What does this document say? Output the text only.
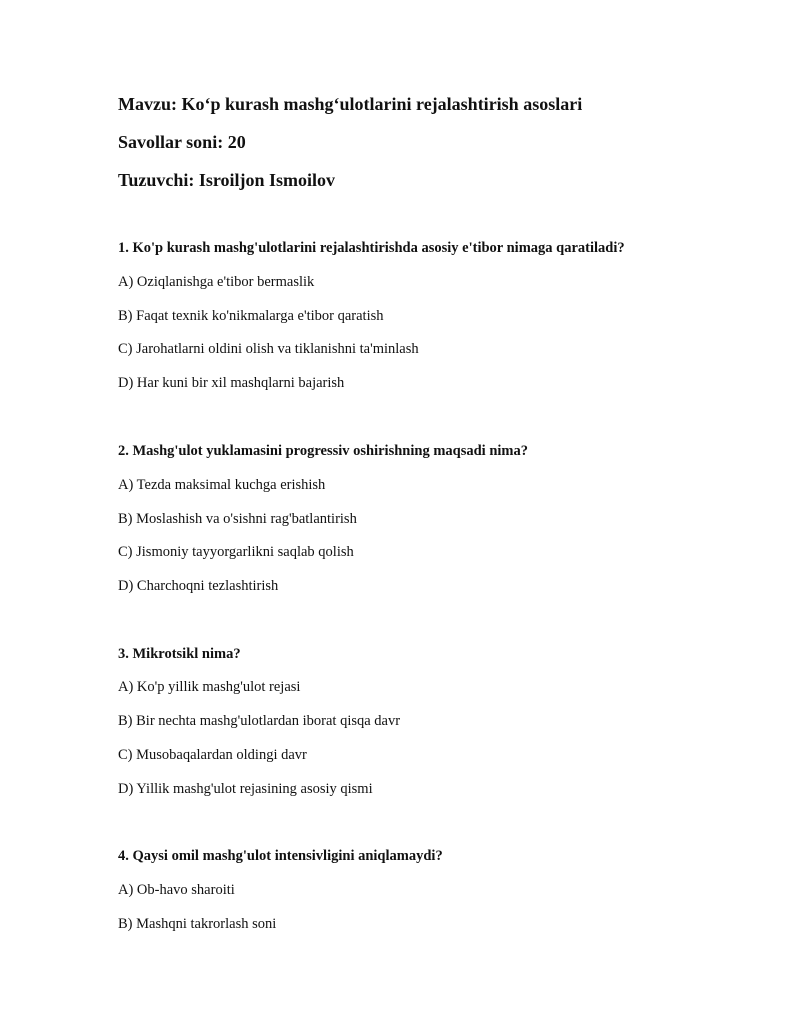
Mavzu: Koʻp kurash mashgʻulotlarini rejalashtirish asoslari
Savollar soni: 20
Tuzuvchi: Isroiljon Ismoilov
1. Ko'p kurash mashg'ulotlarini rejalashtirishda asosiy e'tibor nimaga qaratiladi?
A) Oziqlanishga e'tibor bermaslik
B) Faqat texnik ko'nikmalarga e'tibor qaratish
C) Jarohatlarni oldini olish va tiklanishni ta'minlash
D) Har kuni bir xil mashqlarni bajarish
2. Mashg'ulot yuklamasini progressiv oshirishning maqsadi nima?
A) Tezda maksimal kuchga erishish
B) Moslashish va o'sishni rag'batlantirish
C) Jismoniy tayyorgarlikni saqlab qolish
D) Charchoqni tezlashtirish
3. Mikrotsikl nima?
A) Ko'p yillik mashg'ulot rejasi
B) Bir nechta mashg'ulotlardan iborat qisqa davr
C) Musobaqalardan oldingi davr
D) Yillik mashg'ulot rejasining asosiy qismi
4. Qaysi omil mashg'ulot intensivligini aniqlamaydi?
A) Ob-havo sharoiti
B) Mashqni takrorlash soni
